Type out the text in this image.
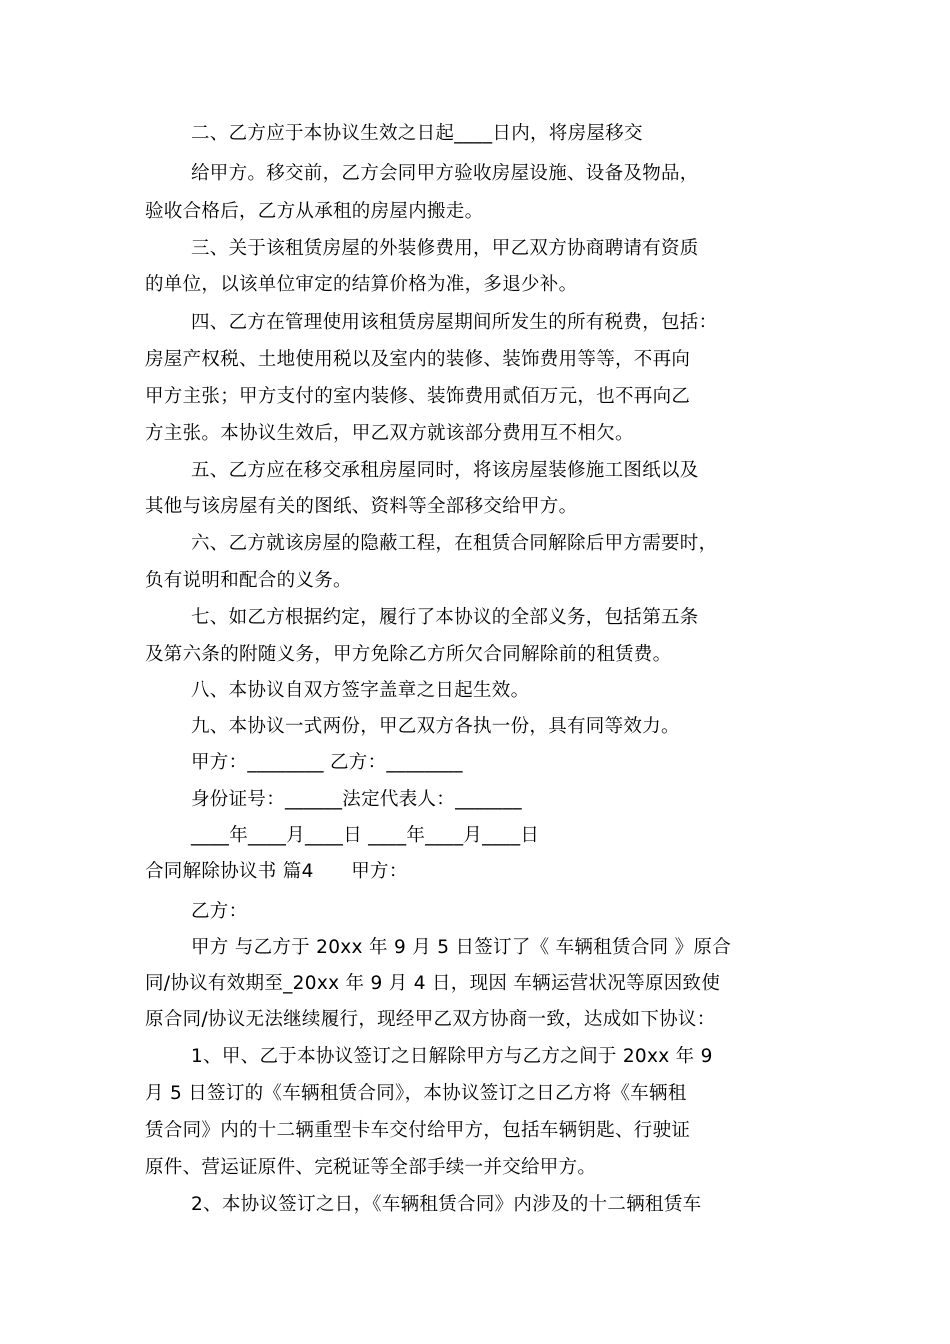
二、乙方应于本协议生效之日起____日内，将房屋移交
给甲方。移交前，乙方会同甲方验收房屋设施、设备及物品，
验收合格后，乙方从承租的房屋内搬走。
三、关于该租赁房屋的外装修费用，甲乙双方协商聘请有资质
的单位，以该单位审定的结算价格为准，多退少补。
四、乙方在管理使用该租赁房屋期间所发生的所有税费，包括：
房屋产权税、土地使用税以及室内的装修、装饰费用等等，不再向
甲方主张；甲方支付的室内装修、装饰费用贰佰万元，也不再向乙
方主张。本协议生效后，甲乙双方就该部分费用互不相欠。
五、乙方应在移交承租房屋同时，将该房屋装修施工图纸以及
其他与该房屋有关的图纸、资料等全部移交给甲方。
六、乙方就该房屋的隐蔽工程，在租赁合同解除后甲方需要时，
负有说明和配合的义务。
七、如乙方根据约定，履行了本协议的全部义务，包括第五条
及第六条的附随义务，甲方免除乙方所欠合同解除前的租赁费。
八、本协议自双方签字盖章之日起生效。
九、本协议一式两份，甲乙双方各执一份，具有同等效力。
甲方：________ 乙方：________
身份证号：______法定代表人：_______
____年____月____日 ____年____月____日
合同解除协议书 篇4　　甲方：
乙方：
甲方 与乙方于 20xx 年 9 月 5 日签订了《 车辆租赁合同 》原合
同/协议有效期至_20xx 年 9 月 4 日，现因 车辆运营状况等原因致使
原合同/协议无法继续履行，现经甲乙双方协商一致，达成如下协议：
1、甲、乙于本协议签订之日解除甲方与乙方之间于 20xx 年 9
月 5 日签订的《车辆租赁合同》，本协议签订之日乙方将《车辆租
赁合同》内的十二辆重型卡车交付给甲方，包括车辆钥匙、行驶证
原件、营运证原件、完税证等全部手续一并交给甲方。
2、本协议签订之日，《车辆租赁合同》内涉及的十二辆租赁车
